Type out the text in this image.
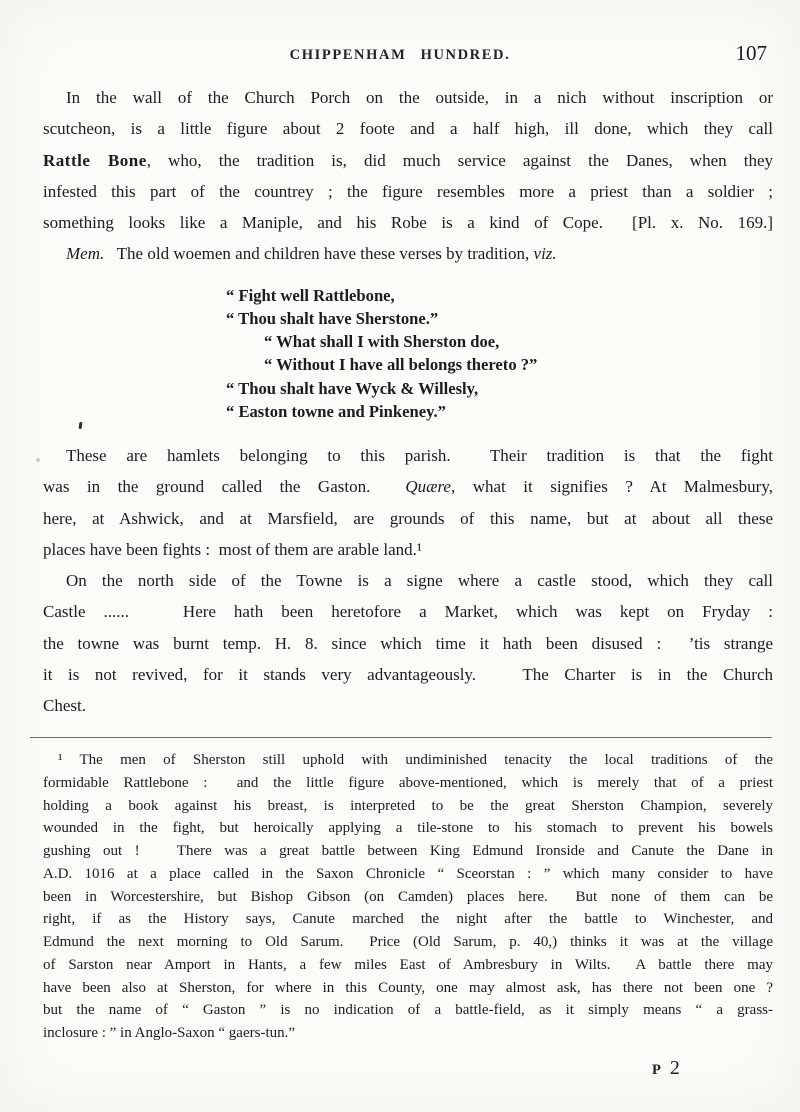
CHIPPENHAM HUNDRED.	107
In the wall of the Church Porch on the outside, in a nich without inscription or
scutcheon, is a little figure about 2 foote and a half high, ill done, which they call
Rattle Bone, who, the tradition is, did much service against the Danes, when they
infested this part of the countrey ; the figure resembles more a priest than a soldier ;
something looks like a Maniple, and his Robe is a kind of Cope.  [Pl. x. No. 169.]
Mem.   The old woemen and children have these verses by tradition, viz.
“ Fight well Rattlebone,
“ Thou shalt have Sherstone.”
“ What shall I with Sherston doe,
“ Without I have all belongs thereto ?”
“ Thou shalt have Wyck & Willesly,
“ Easton towne and Pinkeney.”
These are hamlets belonging to this parish.  Their tradition is that the fight
was in the ground called the Gaston.  Quære, what it signifies ? At Malmesbury,
here, at Ashwick, and at Marsfield, are grounds of this name, but at about all these
places have been fights :  most of them are arable land.¹
On the north side of the Towne is a signe where a castle stood, which they call
Castle ......   Here hath been heretofore a Market, which was kept on Fryday :
the towne was burnt temp. H. 8. since which time it hath been disused :  ’tis strange
it is not revived, for it stands very advantageously.   The Charter is in the Church
Chest.
¹ The men of Sherston still uphold with undiminished tenacity the local traditions of the
formidable Rattlebone :  and the little figure above-mentioned, which is merely that of a priest
holding a book against his breast, is interpreted to be the great Sherston Champion, severely
wounded in the fight, but heroically applying a tile-stone to his stomach to prevent his bowels
gushing out !   There was a great battle between King Edmund Ironside and Canute the Dane in
A.D. 1016 at a place called in the Saxon Chronicle “ Sceorstan : ” which many consider to have
been in Worcestershire, but Bishop Gibson (on Camden) places here.  But none of them can be
right, if as the History says, Canute marched the night after the battle to Winchester, and
Edmund the next morning to Old Sarum.  Price (Old Sarum, p. 40,) thinks it was at the village
of Sarston near Amport in Hants, a few miles East of Ambresbury in Wilts.  A battle there may
have been also at Sherston, for where in this County, one may almost ask, has there not been one ?
but the name of “ Gaston ” is no indication of a battle-field, as it simply means “ a grass-
inclosure : ” in Anglo-Saxon “ gaers-tun.”
P 2
